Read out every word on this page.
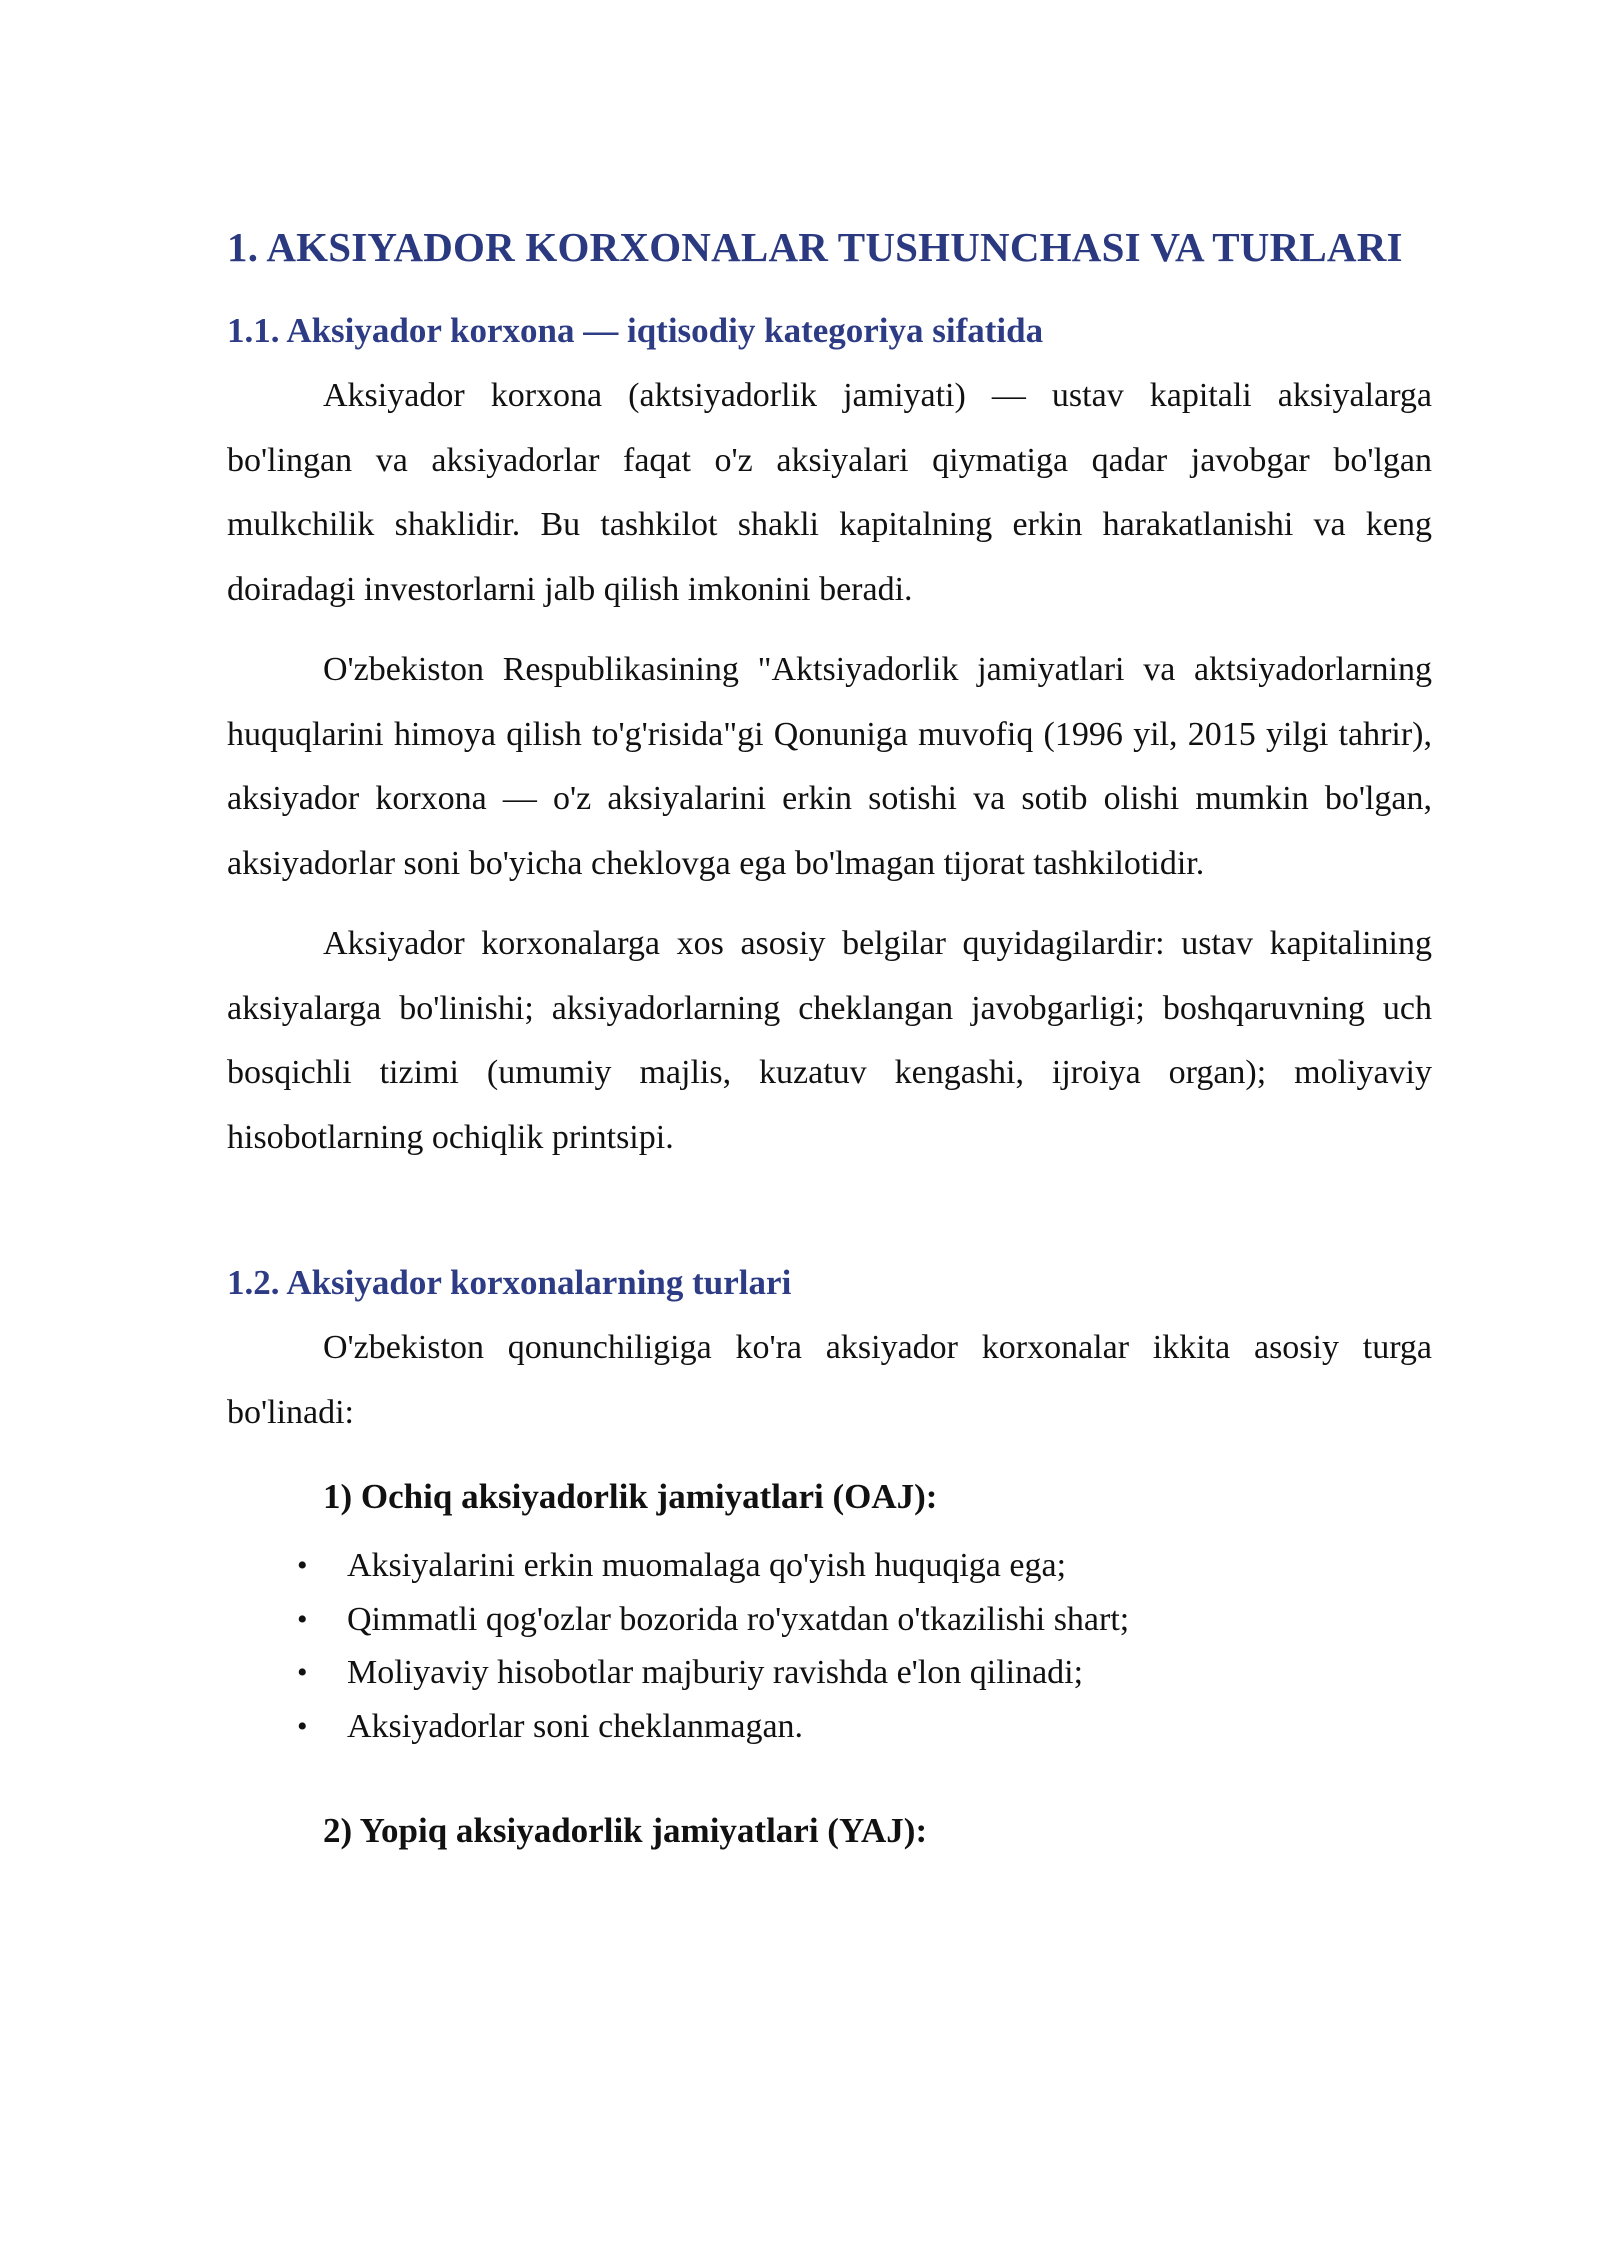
1. AKSIYADOR KORXONALAR TUSHUNCHASI VA TURLARI
1.1. Aksiyador korxona — iqtisodiy kategoriya sifatida

Aksiyador korxona (aktsiyadorlik jamiyati) — ustav kapitali aksiyalarga bo'lingan va aksiyadorlar faqat o'z aksiyalari qiymatiga qadar javobgar bo'lgan mulkchilik shaklidir. Bu tashkilot shakli kapitalning erkin harakatlanishi va keng doiradagi investorlarni jalb qilish imkonini beradi.

O'zbekiston Respublikasining "Aktsiyadorlik jamiyatlari va aktsiyadorlarning huquqlarini himoya qilish to'g'risida"gi Qonuniga muvofiq (1996 yil, 2015 yilgi tahrir), aksiyador korxona — o'z aksiyalarini erkin sotishi va sotib olishi mumkin bo'lgan, aksiyadorlar soni bo'yicha cheklovga ega bo'lmagan tijorat tashkilotidir.

Aksiyador korxonalarga xos asosiy belgilar quyidagilardir: ustav kapitalining aksiyalarga bo'linishi; aksiyadorlarning cheklangan javobgarligi; boshqaruvning uch bosqichli tizimi (umumiy majlis, kuzatuv kengashi, ijroiya organ); moliyaviy hisobotlarning ochiqlik printsipi.

1.2. Aksiyador korxonalarning turlari

O'zbekiston qonunchiligiga ko'ra aksiyador korxonalar ikkita asosiy turga bo'linadi:

1) Ochiq aksiyadorlik jamiyatlari (OAJ):

• Aksiyalarini erkin muomalaga qo'yish huquqiga ega;
• Qimmatli qog'ozlar bozorida ro'yxatdan o'tkazilishi shart;
• Moliyaviy hisobotlar majburiy ravishda e'lon qilinadi;
• Aksiyadorlar soni cheklanmagan.

2) Yopiq aksiyadorlik jamiyatlari (YAJ):
